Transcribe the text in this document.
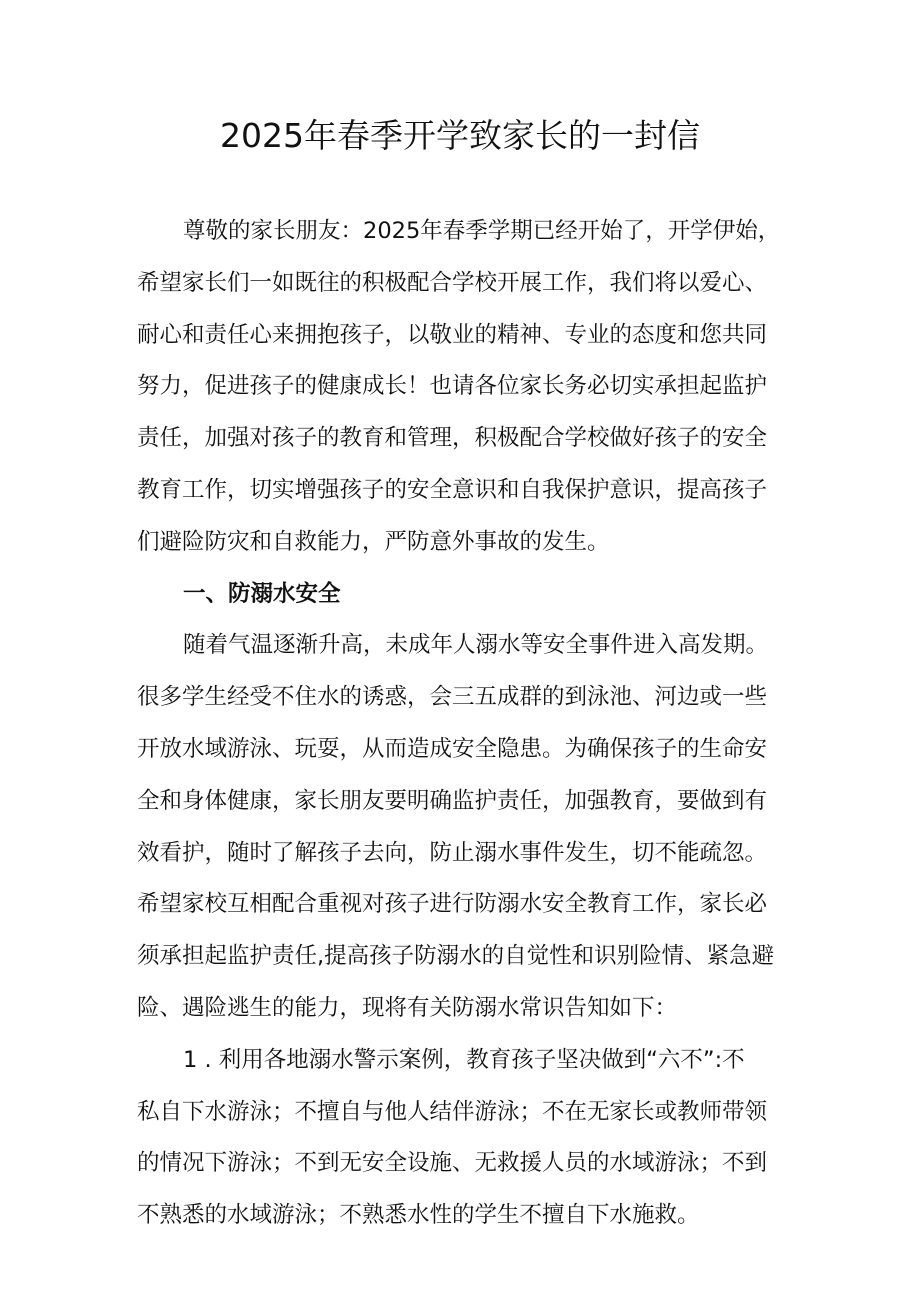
2025年春季开学致家长的一封信
尊敬的家长朋友：2025年春季学期已经开始了，开学伊始，
希望家长们一如既往的积极配合学校开展工作，我们将以爱心、
耐心和责任心来拥抱孩子，以敬业的精神、专业的态度和您共同
努力，促进孩子的健康成长！也请各位家长务必切实承担起监护
责任，加强对孩子的教育和管理，积极配合学校做好孩子的安全
教育工作，切实增强孩子的安全意识和自我保护意识，提高孩子
们避险防灾和自救能力，严防意外事故的发生。
一、防溺水安全
随着气温逐渐升高，未成年人溺水等安全事件进入高发期。
很多学生经受不住水的诱惑，会三五成群的到泳池、河边或一些
开放水域游泳、玩耍，从而造成安全隐患。为确保孩子的生命安
全和身体健康，家长朋友要明确监护责任，加强教育，要做到有
效看护，随时了解孩子去向，防止溺水事件发生，切不能疏忽。
希望家校互相配合重视对孩子进行防溺水安全教育工作，家长必
须承担起监护责任,提高孩子防溺水的自觉性和识别险情、紧急避
险、遇险逃生的能力，现将有关防溺水常识告知如下：
1 . 利用各地溺水警示案例，教育孩子坚决做到“六不”:不
私自下水游泳；不擅自与他人结伴游泳；不在无家长或教师带领
的情况下游泳；不到无安全设施、无救援人员的水域游泳；不到
不熟悉的水域游泳；不熟悉水性的学生不擅自下水施救。
